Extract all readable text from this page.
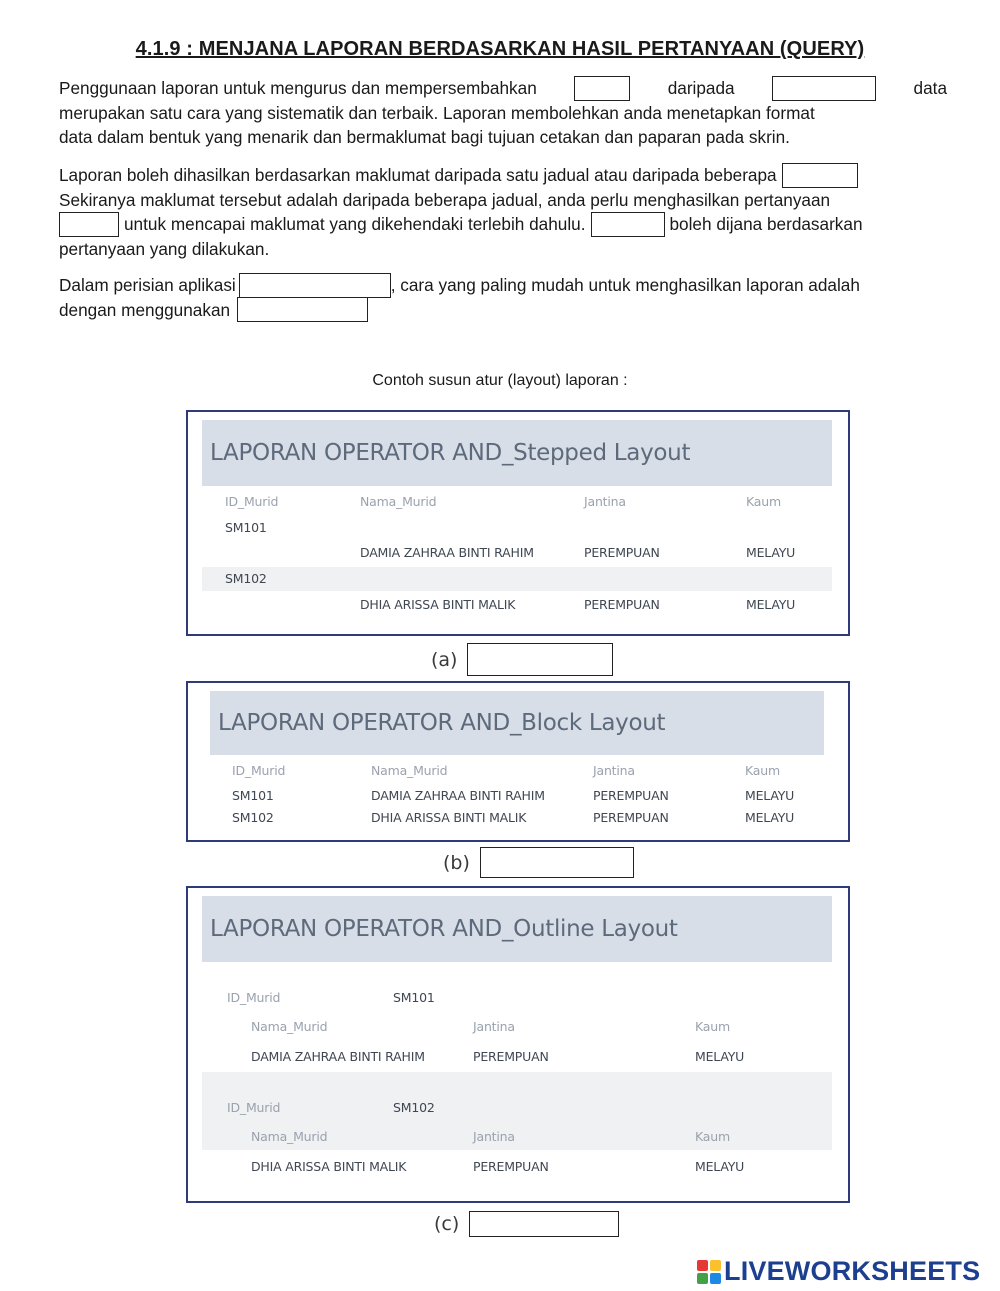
4.1.9 : MENJANA LAPORAN BERDASARKAN HASIL PERTANYAAN (QUERY)
Penggunaan laporan untuk mengurus dan mempersembahkan	daripada	data
merupakan satu cara yang sistematik dan terbaik. Laporan membolehkan anda menetapkan format
data dalam bentuk yang menarik dan bermaklumat bagi tujuan cetakan dan paparan pada skrin.
Laporan boleh dihasilkan berdasarkan maklumat daripada satu jadual atau daripada beberapa
Sekiranya maklumat tersebut adalah daripada beberapa jadual, anda perlu menghasilkan pertanyaan
untuk mencapai maklumat yang dikehendaki terlebih dahulu.	boleh dijana berdasarkan
pertanyaan yang dilakukan.
Dalam perisian aplikasi	, cara yang paling mudah untuk menghasilkan laporan adalah
dengan menggunakan
Contoh susun atur (layout) laporan :
LAPORAN OPERATOR AND_Stepped Layout
ID_Murid	Nama_Murid	Jantina	Kaum
SM101
DAMIA ZAHRAA BINTI RAHIM	PEREMPUAN	MELAYU
SM102
DHIA ARISSA BINTI MALIK	PEREMPUAN	MELAYU
(a)
LAPORAN OPERATOR AND_Block Layout
ID_Murid	Nama_Murid	Jantina	Kaum
SM101	DAMIA ZAHRAA BINTI RAHIM	PEREMPUAN	MELAYU
SM102	DHIA ARISSA BINTI MALIK	PEREMPUAN	MELAYU
(b)
LAPORAN OPERATOR AND_Outline Layout
ID_Murid	SM101
Nama_Murid	Jantina	Kaum
DAMIA ZAHRAA BINTI RAHIM	PEREMPUAN	MELAYU
ID_Murid	SM102
Nama_Murid	Jantina	Kaum
DHIA ARISSA BINTI MALIK	PEREMPUAN	MELAYU
(c)
LIVEWORKSHEETS
